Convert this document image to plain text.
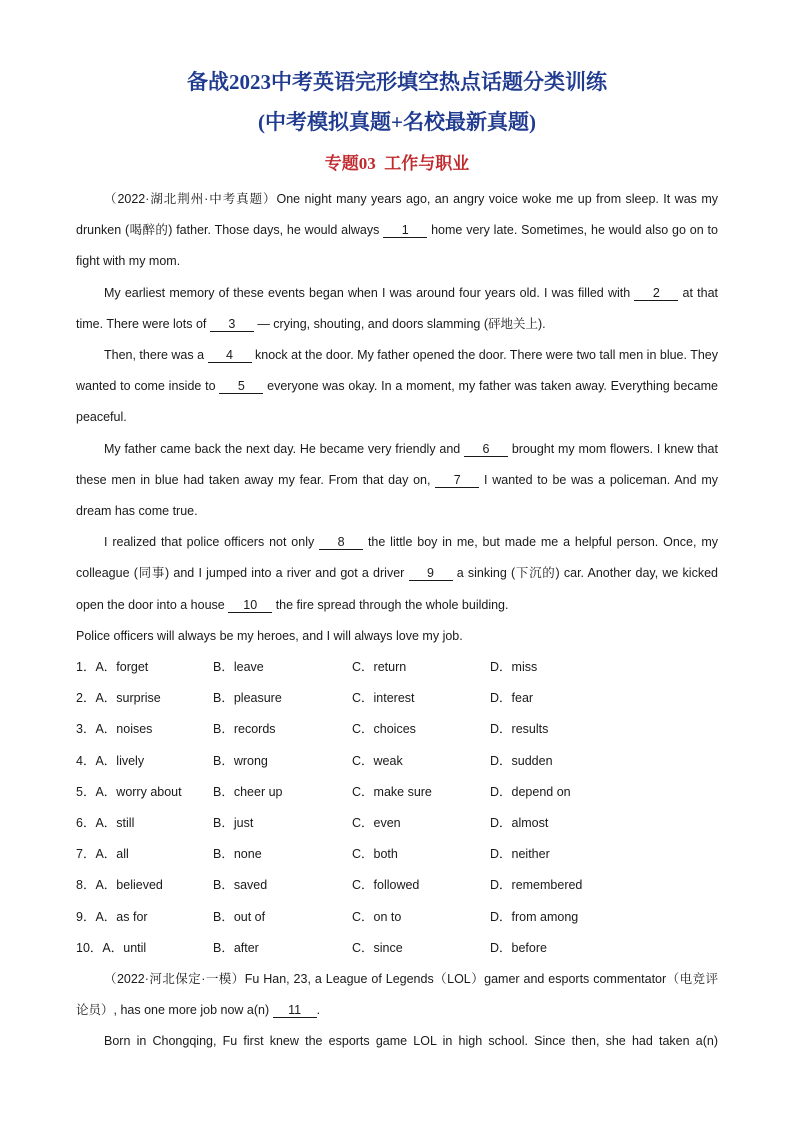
备战2023中考英语完形填空热点话题分类训练
(中考模拟真题+名校最新真题)
专题03  工作与职业

（2022·湖北荆州·中考真题）One night many years ago, an angry voice woke me up from sleep. It was my drunken (喝醉的) father. Those days, he would always 1 home very late. Sometimes, he would also go on to fight with my mom.

My earliest memory of these events began when I was around four years old. I was filled with 2 at that time. There were lots of 3 — crying, shouting, and doors slamming (砰地关上).

Then, there was a 4 knock at the door. My father opened the door. There were two tall men in blue. They wanted to come inside to 5 everyone was okay. In a moment, my father was taken away. Everything became peaceful.

My father came back the next day. He became very friendly and 6 brought my mom flowers. I knew that these men in blue had taken away my fear. From that day on, 7 I wanted to be was a policeman. And my dream has come true.

I realized that police officers not only 8 the little boy in me, but made me a helpful person. Once, my colleague (同事) and I jumped into a river and got a driver 9 a sinking (下沉的) car. Another day, we kicked open the door into a house 10 the fire spread through the whole building.

Police officers will always be my heroes, and I will always love my job.

1．A．forget	B．leave	C．return	D．miss
2．A．surprise	B．pleasure	C．interest	D．fear
3．A．noises	B．records	C．choices	D．results
4．A．lively	B．wrong	C．weak	D．sudden
5．A．worry about	B．cheer up	C．make sure	D．depend on
6．A．still	B．just	C．even	D．almost
7．A．all	B．none	C．both	D．neither
8．A．believed	B．saved	C．followed	D．remembered
9．A．as for	B．out of	C．on to	D．from among
10．A．until	B．after	C．since	D．before

（2022·河北保定·一模）Fu Han, 23, a League of Legends（LOL）gamer and esports commentator（电竞评论员）, has one more job now a(n) 11 .

Born in Chongqing, Fu first knew the esports game LOL in high school. Since then, she had taken a(n)
